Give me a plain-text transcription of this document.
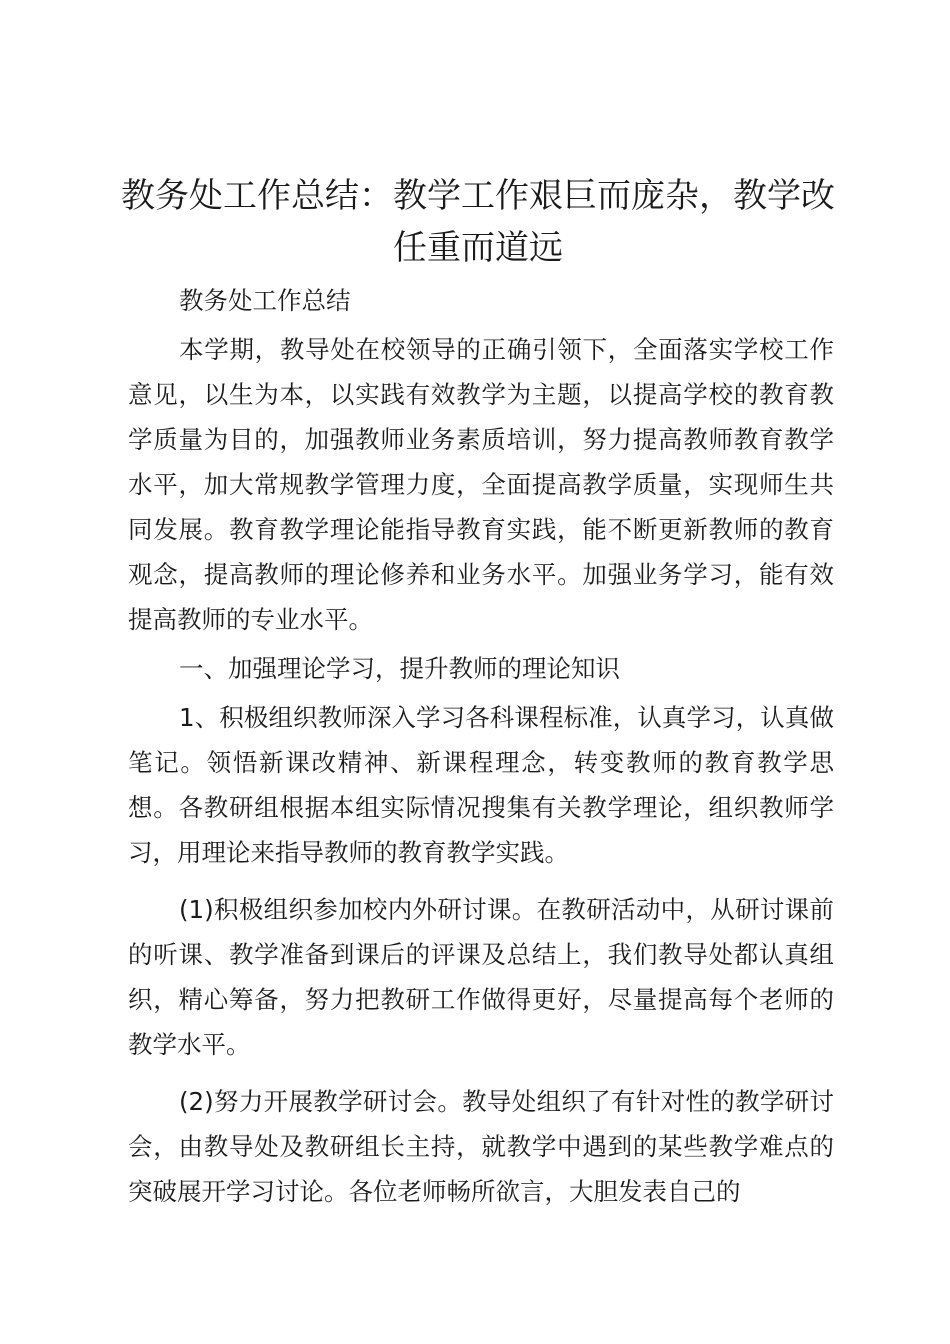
教务处工作总结：教学工作艰巨而庞杂，教学改任重而道远

教务处工作总结

本学期，教导处在校领导的正确引领下，全面落实学校工作意见，以生为本，以实践有效教学为主题，以提高学校的教育教学质量为目的，加强教师业务素质培训，努力提高教师教育教学水平，加大常规教学管理力度，全面提高教学质量，实现师生共同发展。教育教学理论能指导教育实践，能不断更新教师的教育观念，提高教师的理论修养和业务水平。加强业务学习，能有效提高教师的专业水平。

一、加强理论学习，提升教师的理论知识

1、积极组织教师深入学习各科课程标准，认真学习，认真做笔记。领悟新课改精神、新课程理念，转变教师的教育教学思想。各教研组根据本组实际情况搜集有关教学理论，组织教师学习，用理论来指导教师的教育教学实践。

(1)积极组织参加校内外研讨课。在教研活动中，从研讨课前的听课、教学准备到课后的评课及总结上，我们教导处都认真组织，精心筹备，努力把教研工作做得更好，尽量提高每个老师的教学水平。

(2)努力开展教学研讨会。教导处组织了有针对性的教学研讨会，由教导处及教研组长主持，就教学中遇到的某些教学难点的突破展开学习讨论。各位老师畅所欲言，大胆发表自己的
